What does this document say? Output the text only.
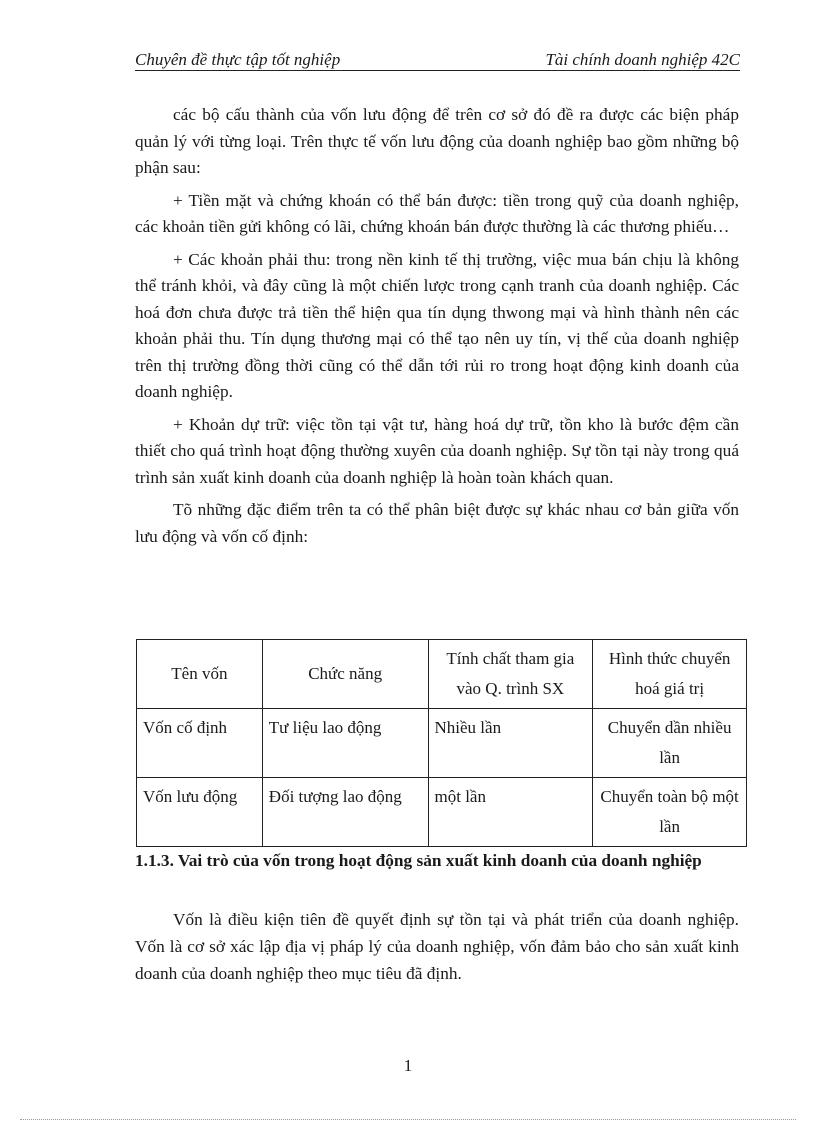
Chuyên đề thực tập tốt nghiệp	Tài chính doanh nghiệp 42C

các bộ cấu thành của vốn lưu động để trên cơ sở đó đề ra được các biện pháp quản lý với từng loại. Trên thực tế vốn lưu động của doanh nghiệp bao gồm những bộ phận sau:

+ Tiền mặt và chứng khoán có thể bán được: tiền trong quỹ của doanh nghiệp, các khoản tiền gửi không có lãi, chứng khoán bán được thường là các thương phiếu…

+ Các khoản phải thu: trong nền kinh tế thị trường, việc mua bán chịu là không thể tránh khỏi, và đây cũng là một chiến lược trong cạnh tranh của doanh nghiệp. Các hoá đơn chưa được trả tiền thể hiện qua tín dụng thwong mại và hình thành nên các khoản phải thu. Tín dụng thương mại có thể tạo nên uy tín, vị thế của doanh nghiệp trên thị trường đồng thời cũng có thể dẫn tới rủi ro trong hoạt động kinh doanh của doanh nghiệp.

+ Khoản dự trữ: việc tồn tại vật tư, hàng hoá dự trữ, tồn kho là bước đệm cần thiết cho quá trình hoạt động thường xuyên của doanh nghiệp. Sự tồn tại này trong quá trình sản xuất kinh doanh của doanh nghiệp là hoàn toàn khách quan.

Tõ những đặc điểm trên ta có thể phân biệt được sự khác nhau cơ bản giữa vốn lưu động và vốn cố định:

Tên vốn	Chức năng	Tính chất tham gia vào Q. trình SX	Hình thức chuyển hoá giá trị
Vốn cố định	Tư liệu lao động	Nhiều lần	Chuyển dần nhiều lần
Vốn lưu động	Đối tượng lao động	một lần	Chuyển toàn bộ một lần
1.1.3. Vai trò của vốn trong hoạt động sản xuất kinh doanh của doanh nghiệp

Vốn là điều kiện tiên đề quyết định sự tồn tại và phát triển của doanh nghiệp. Vốn là cơ sở xác lập địa vị pháp lý của doanh nghiệp, vốn đảm bảo cho sản xuất kinh doanh của doanh nghiệp theo mục tiêu đã định.

1
